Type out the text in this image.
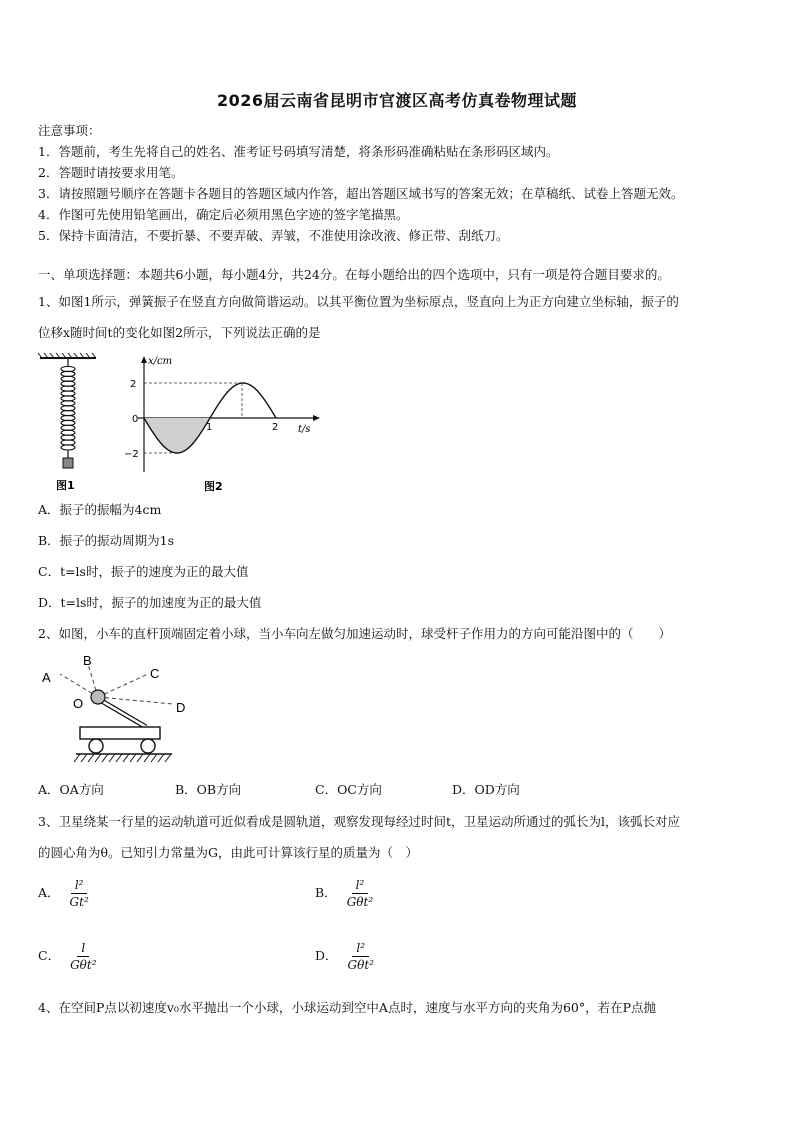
2026届云南省昆明市官渡区高考仿真卷物理试题
注意事项：
1．答题前，考生先将自己的姓名、准考证号码填写清楚，将条形码准确粘贴在条形码区域内。
2．答题时请按要求用笔。
3．请按照题号顺序在答题卡各题目的答题区域内作答，超出答题区域书写的答案无效；在草稿纸、试卷上答题无效。
4．作图可先使用铅笔画出，确定后必须用黑色字迹的签字笔描黑。
5．保持卡面清洁，不要折暴、不要弄破、弄皱，不准使用涂改液、修正带、刮纸刀。
一、单项选择题：本题共6小题，每小题4分，共24分。在每小题给出的四个选项中，只有一项是符合题目要求的。
1、如图1所示，弹簧振子在竖直方向做简谐运动。以其平衡位置为坐标原点，竖直向上为正方向建立坐标轴，振子的
位移x随时间t的变化如图2所示，下列说法正确的是
图1
x/cm
t/s
2
0
−2
1	2
图2
A．振子的振幅为4cm
B．振子的振动周期为1s
C．t=ls时，振子的速度为正的最大值
D．t=ls时，振子的加速度为正的最大值
2、如图，小车的直杆顶端固定着小球，当小车向左做匀加速运动时，球受杆子作用力的方向可能沿图中的（　　）
A
B
C
O	D
A．OA方向	B．OB方向	C．OC方向	D．OD方向
3、卫星绕某一行星的运动轨道可近似看成是圆轨道，观察发现每经过时间t，卫星运动所通过的弧长为l，该弧长对应
的圆心角为θ。已知引力常量为G，由此可计算该行星的质量为（　）
A． $\frac{\text{l²}}{\text{Gt²}}$	B． $\frac{\text{l²}}{\text{Gθt²}}$
C． $\frac{l}{\text{Gθt²}}$	D． $\frac{\text{l²}}{\text{Gθt²}}$
4、在空间P点以初速度v₀水平抛出一个小球，小球运动到空中A点时，速度与水平方向的夹角为60°，若在P点抛
